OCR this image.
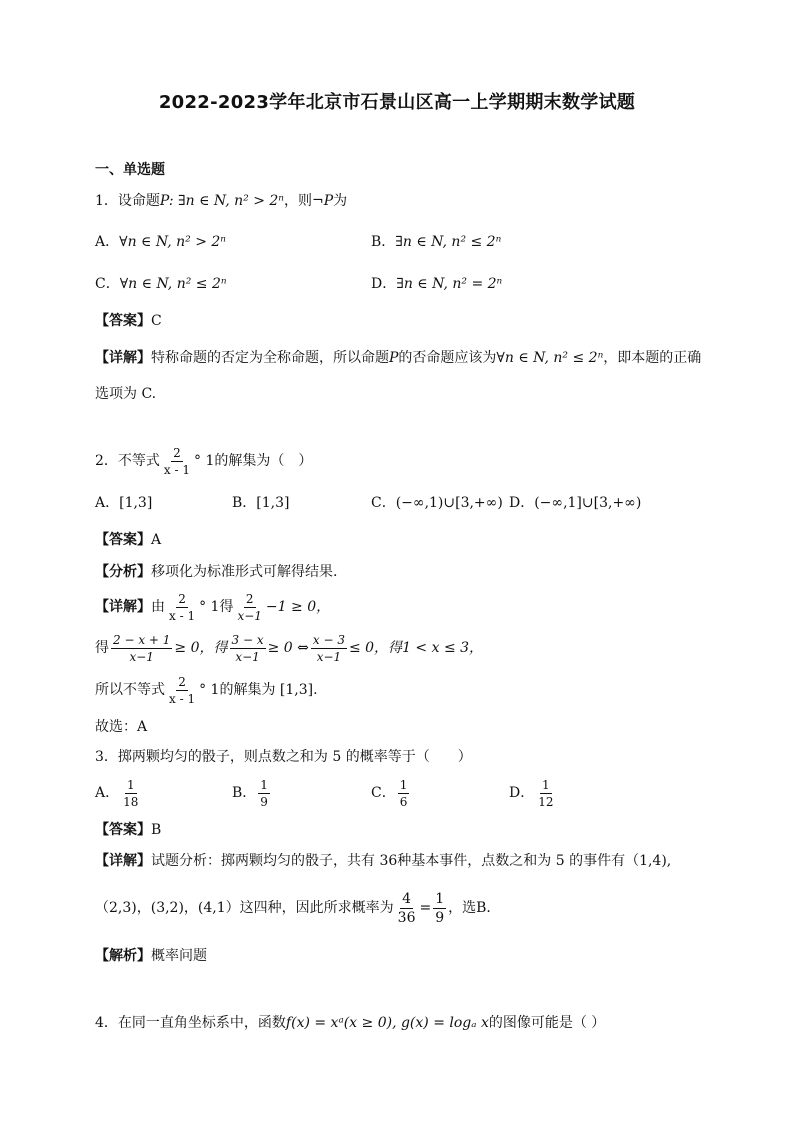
2022-2023学年北京市石景山区高一上学期期末数学试题
一、单选题
1．设命题P: ∃n ∈ N, n² > 2ⁿ，则¬P为
A．∀n ∈ N, n² > 2ⁿ	B．∃n ∈ N, n² ≤ 2ⁿ
C．∀n ∈ N, n² ≤ 2ⁿ	D．∃n ∈ N, n² = 2ⁿ
【答案】C
【详解】特称命题的否定为全称命题，所以命题P的否命题应该为∀n ∈ N, n² ≤ 2ⁿ，即本题的正确
选项为 C.
2．不等式 $\frac{2}{x - 1}$ ° 1的解集为（　）
A．[1,3]	B．[1,3]	C．(−∞,1)∪[3,+∞) D．(−∞,1]∪[3,+∞)
【答案】A
【分析】移项化为标准形式可解得结果.
【详解】由 $\frac{2}{x - 1}$ ° 1得 $\frac{2}{x-1} -1 \ge 0$，
得 $\frac{2 - x + 1}{x-1} \ge 0$，得 $\frac{3 - x}{x-1} \ge 0$ ⇔ $\frac{x - 3}{x-1} \le 0$，得1 < x ≤ 3，
所以不等式 $\frac{2}{x - 1}$ ° 1的解集为 [1,3].
故选：A
3．掷两颗均匀的骰子，则点数之和为 5 的概率等于（　　）
A． $\frac{1}{18}$	B． $\frac{1}{9}$	C． $\frac{1}{6}$	D． $\frac{1}{12}$
【答案】B
【详解】试题分析：掷两颗均匀的骰子，共有 36种基本事件，点数之和为 5 的事件有（1,4),
（2,3)，(3,2)，(4,1）这四种，因此所求概率为 $\frac{4}{36} = \frac{1}{9}$ ，选B．
【解析】概率问题
4．在同一直角坐标系中，函数f(x) = xᵃ(x ≥ 0), g(x) = logₐ x的图像可能是（ ）
